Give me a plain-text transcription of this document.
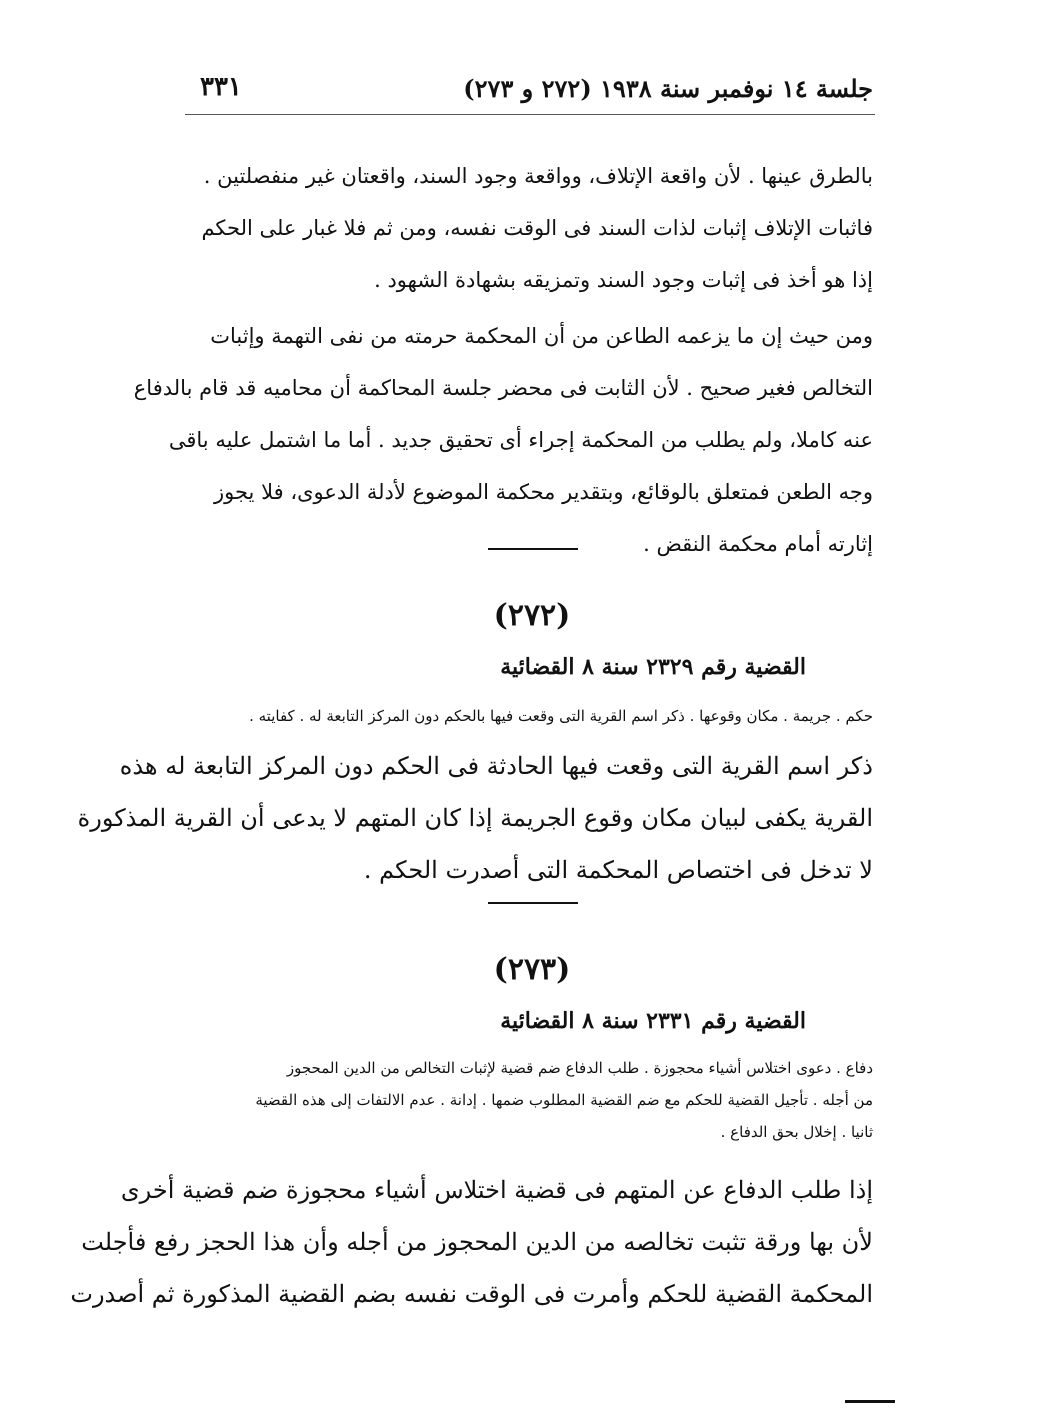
جلسة ١٤ نوفمبر سنة ١٩٣٨ (٢٧٢ و ٢٧٣)
٣٣١
بالطرق عينها . لأن واقعة الإتلاف، وواقعة وجود السند، واقعتان غير منفصلتين .
فاثبات الإتلاف إثبات لذات السند فى الوقت نفسه، ومن ثم فلا غبار على الحكم
إذا هو أخذ فى إثبات وجود السند وتمزيقه بشهادة الشهود .
ومن حيث إن ما يزعمه الطاعن من أن المحكمة حرمته من نفى التهمة وإثبات
التخالص فغير صحيح . لأن الثابت فى محضر جلسة المحاكمة أن محاميه قد قام بالدفاع
عنه كاملا، ولم يطلب من المحكمة إجراء أى تحقيق جديد . أما ما اشتمل عليه باقى
وجه الطعن فمتعلق بالوقائع، وبتقدير محكمة الموضوع لأدلة الدعوى، فلا يجوز
إثارته أمام محكمة النقض .
(٢٧٢)
القضية رقم ٢٣٢٩ سنة ٨ القضائية
حكم . جريمة . مكان وقوعها . ذكر اسم القرية التى وقعت فيها بالحكم دون المركز التابعة له . كفايته .
ذكر اسم القرية التى وقعت فيها الحادثة فى الحكم دون المركز التابعة له هذه
القرية يكفى لبيان مكان وقوع الجريمة إذا كان المتهم لا يدعى أن القرية المذكورة
لا تدخل فى اختصاص المحكمة التى أصدرت الحكم .
(٢٧٣)
القضية رقم ٢٣٣١ سنة ٨ القضائية
دفاع . دعوى اختلاس أشياء محجوزة . طلب الدفاع ضم قضية لإثبات التخالص من الدين المحجوز
من أجله . تأجيل القضية للحكم مع ضم القضية المطلوب ضمها . إدانة . عدم الالتفات إلى هذه القضية
ثانيا . إخلال بحق الدفاع .
إذا طلب الدفاع عن المتهم فى قضية اختلاس أشياء محجوزة ضم قضية أخرى
لأن بها ورقة تثبت تخالصه من الدين المحجوز من أجله وأن هذا الحجز رفع فأجلت
المحكمة القضية للحكم وأمرت فى الوقت نفسه بضم القضية المذكورة ثم أصدرت
